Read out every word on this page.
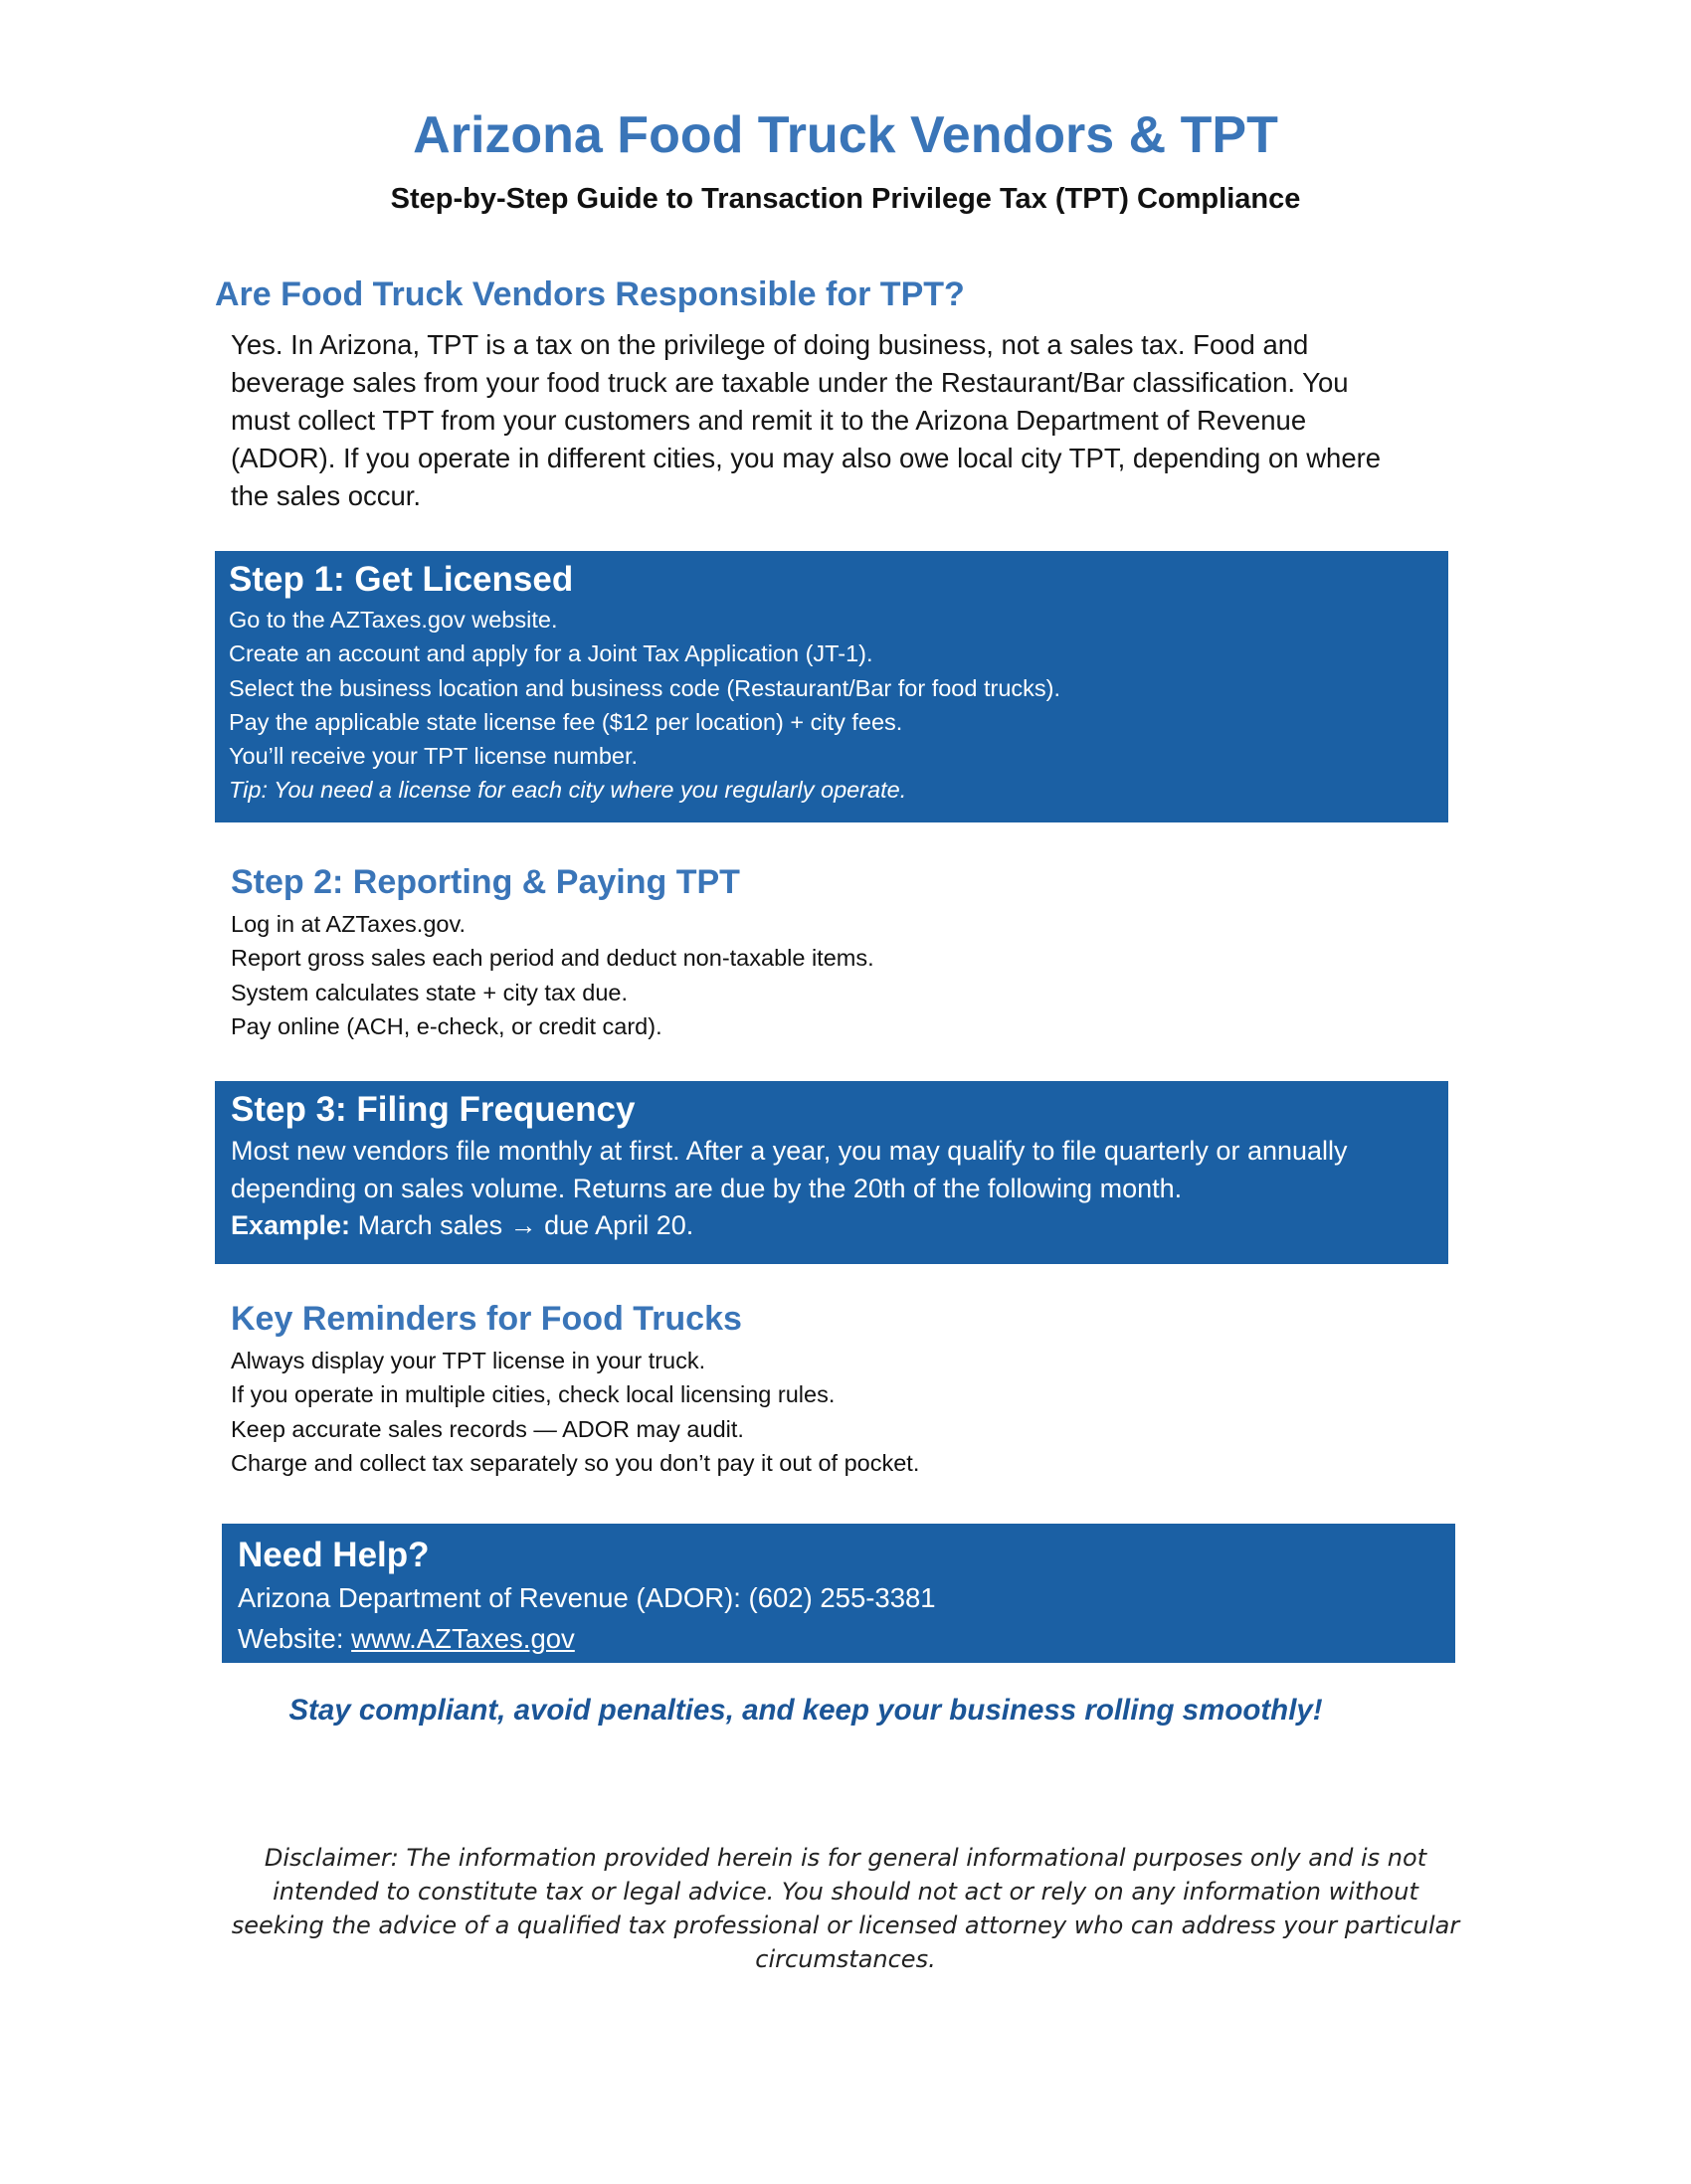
Arizona Food Truck Vendors & TPT
Step-by-Step Guide to Transaction Privilege Tax (TPT) Compliance
Are Food Truck Vendors Responsible for TPT?

Yes. In Arizona, TPT is a tax on the privilege of doing business, not a sales tax. Food and beverage sales from your food truck are taxable under the Restaurant/Bar classification. You must collect TPT from your customers and remit it to the Arizona Department of Revenue (ADOR). If you operate in different cities, you may also owe local city TPT, depending on where the sales occur.

Step 1: Get Licensed
Go to the AZTaxes.gov website.
Create an account and apply for a Joint Tax Application (JT-1).
Select the business location and business code (Restaurant/Bar for food trucks).
Pay the applicable state license fee ($12 per location) + city fees.
You’ll receive your TPT license number.
Tip: You need a license for each city where you regularly operate.
Step 2: Reporting & Paying TPT
Log in at AZTaxes.gov.
Report gross sales each period and deduct non-taxable items.
System calculates state + city tax due.
Pay online (ACH, e-check, or credit card).
Step 3: Filing Frequency

Most new vendors file monthly at first. After a year, you may qualify to file quarterly or annually depending on sales volume. Returns are due by the 20th of the following month.
Example: March sales → due April 20.

Key Reminders for Food Trucks
Always display your TPT license in your truck.
If you operate in multiple cities, check local licensing rules.
Keep accurate sales records — ADOR may audit.
Charge and collect tax separately so you don’t pay it out of pocket.
Need Help?

Arizona Department of Revenue (ADOR): (602) 255-3381

Website: www.AZTaxes.gov

Stay compliant, avoid penalties, and keep your business rolling smoothly!

Disclaimer: The information provided herein is for general informational purposes only and is not intended to constitute tax or legal advice. You should not act or rely on any information without seeking the advice of a qualified tax professional or licensed attorney who can address your particular circumstances.
